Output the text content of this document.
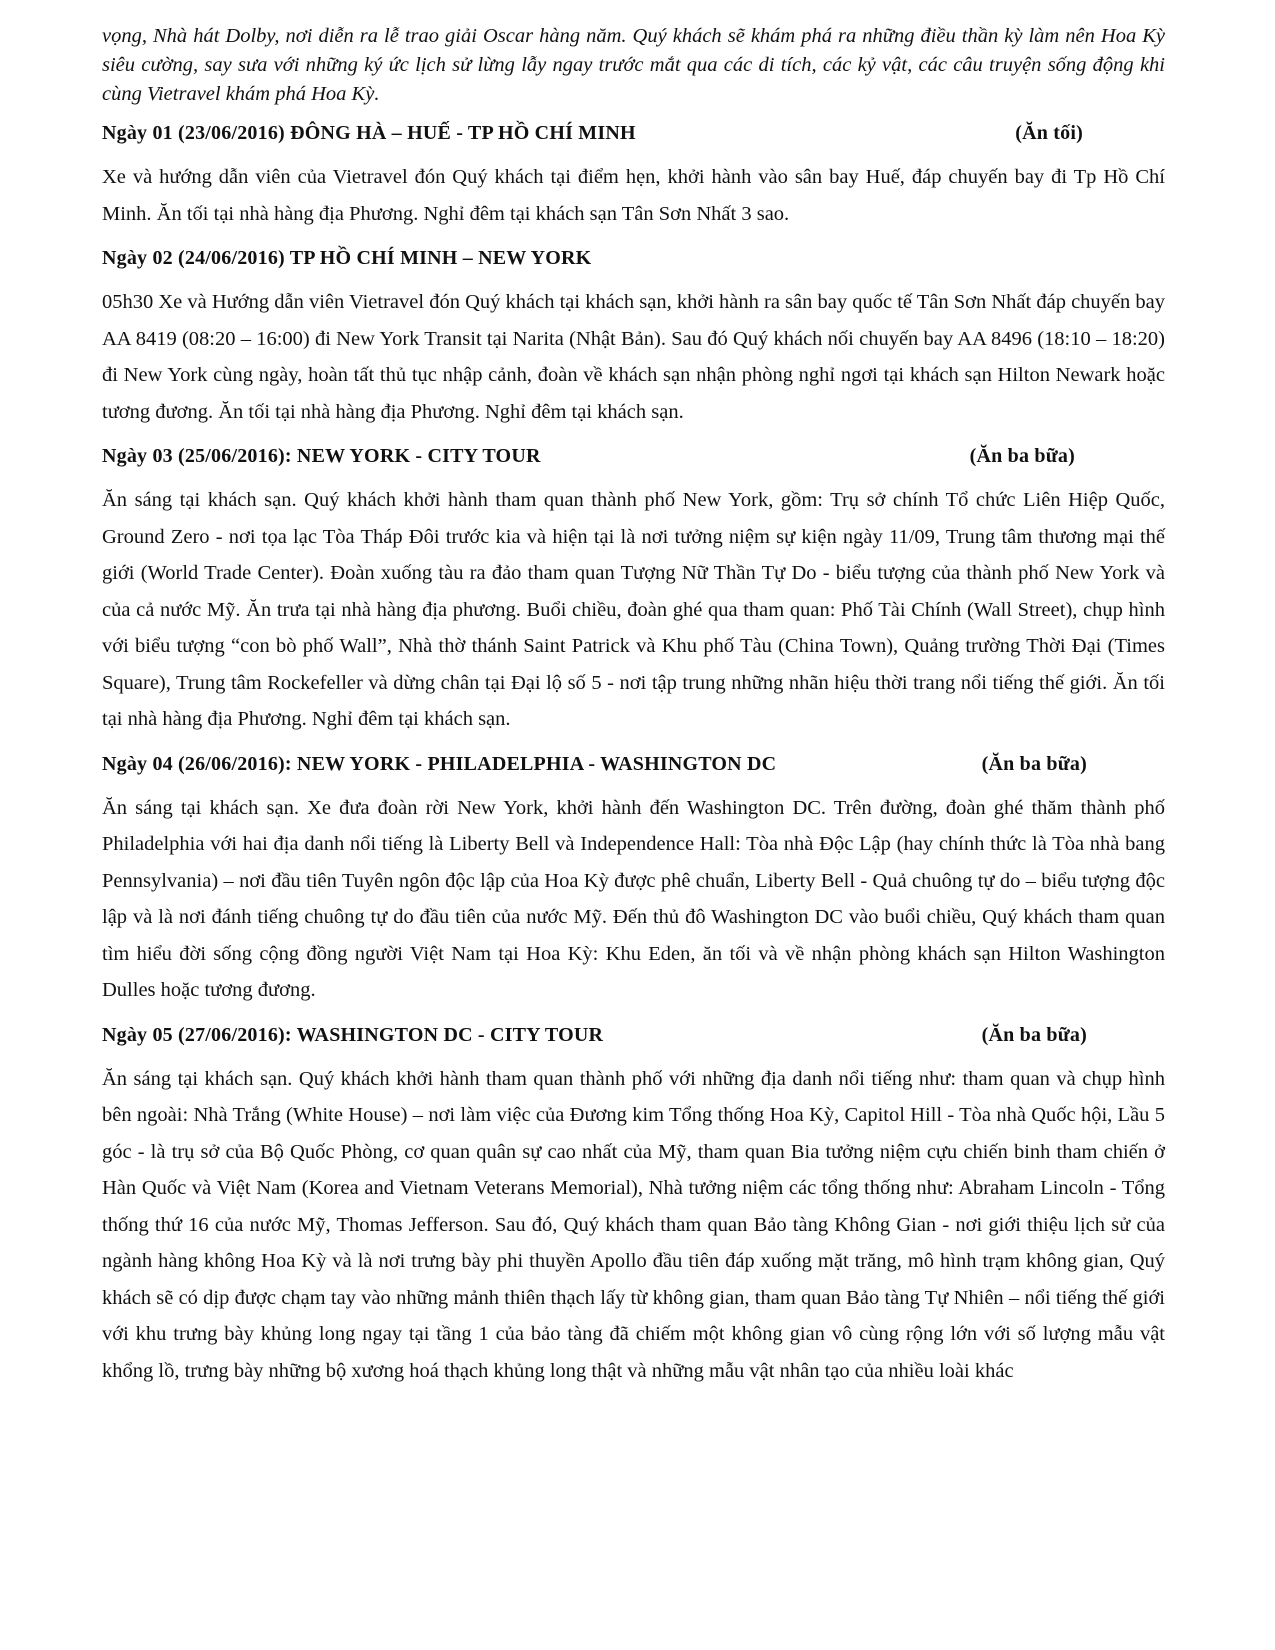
vọng, Nhà hát Dolby, nơi diễn ra lễ trao giải Oscar hàng năm. Quý khách sẽ khám phá ra những điều thần kỳ làm nên Hoa Kỳ siêu cường, say sưa với những ký ức lịch sử lừng lẫy ngay trước mắt qua các di tích, các kỷ vật, các câu truyện sống động khi cùng Vietravel khám phá Hoa Kỳ.

Ngày 01 (23/06/2016) ĐÔNG HÀ – HUẾ - TP HỒ CHÍ MINH	(Ăn tối)

Xe và hướng dẫn viên của Vietravel đón Quý khách tại điểm hẹn, khởi hành vào sân bay Huế, đáp chuyến bay đi Tp Hồ Chí Minh. Ăn tối tại nhà hàng địa Phương. Nghỉ đêm tại khách sạn Tân Sơn Nhất 3 sao.

Ngày 02 (24/06/2016) TP HỒ CHÍ MINH – NEW YORK

05h30 Xe và Hướng dẫn viên Vietravel đón Quý khách tại khách sạn, khởi hành ra sân bay quốc tế Tân Sơn Nhất đáp chuyến bay AA 8419 (08:20 – 16:00) đi New York Transit tại Narita (Nhật Bản). Sau đó Quý khách nối chuyến bay AA 8496 (18:10 – 18:20) đi New York cùng ngày, hoàn tất thủ tục nhập cảnh, đoàn về khách sạn nhận phòng nghỉ ngơi tại khách sạn Hilton Newark hoặc tương đương. Ăn tối tại nhà hàng địa Phương. Nghỉ đêm tại khách sạn.

Ngày 03 (25/06/2016): NEW YORK - CITY TOUR	(Ăn ba bữa)

Ăn sáng tại khách sạn. Quý khách khởi hành tham quan thành phố New York, gồm: Trụ sở chính Tổ chức Liên Hiệp Quốc, Ground Zero - nơi tọa lạc Tòa Tháp Đôi trước kia và hiện tại là nơi tưởng niệm sự kiện ngày 11/09, Trung tâm thương mại thế giới (World Trade Center). Đoàn xuống tàu ra đảo tham quan Tượng Nữ Thần Tự Do - biểu tượng của thành phố New York và của cả nước Mỹ. Ăn trưa tại nhà hàng địa phương. Buổi chiều, đoàn ghé qua tham quan: Phố Tài Chính (Wall Street), chụp hình với biểu tượng “con bò phố Wall”, Nhà thờ thánh Saint Patrick và Khu phố Tàu (China Town), Quảng trường Thời Đại (Times Square), Trung tâm Rockefeller và dừng chân tại Đại lộ số 5 - nơi tập trung những nhãn hiệu thời trang nổi tiếng thế giới. Ăn tối tại nhà hàng địa Phương. Nghỉ đêm tại khách sạn.

Ngày 04 (26/06/2016): NEW YORK - PHILADELPHIA - WASHINGTON DC	(Ăn ba bữa)

Ăn sáng tại khách sạn. Xe đưa đoàn rời New York, khởi hành đến Washington DC. Trên đường, đoàn ghé thăm thành phố Philadelphia với hai địa danh nổi tiếng là Liberty Bell và Independence Hall: Tòa nhà Độc Lập (hay chính thức là Tòa nhà bang Pennsylvania) – nơi đầu tiên Tuyên ngôn độc lập của Hoa Kỳ được phê chuẩn, Liberty Bell - Quả chuông tự do – biểu tượng độc lập và là nơi đánh tiếng chuông tự do đầu tiên của nước Mỹ. Đến thủ đô Washington DC vào buổi chiều, Quý khách tham quan tìm hiểu đời sống cộng đồng người Việt Nam tại Hoa Kỳ: Khu Eden, ăn tối và về nhận phòng khách sạn Hilton Washington Dulles hoặc tương đương.

Ngày 05 (27/06/2016): WASHINGTON DC - CITY TOUR	(Ăn ba bữa)

Ăn sáng tại khách sạn. Quý khách khởi hành tham quan thành phố với những địa danh nổi tiếng như: tham quan và chụp hình bên ngoài: Nhà Trắng (White House) – nơi làm việc của Đương kim Tổng thống Hoa Kỳ, Capitol Hill - Tòa nhà Quốc hội, Lầu 5 góc - là trụ sở của Bộ Quốc Phòng, cơ quan quân sự cao nhất của Mỹ, tham quan Bia tưởng niệm cựu chiến binh tham chiến ở Hàn Quốc và Việt Nam (Korea and Vietnam Veterans Memorial), Nhà tưởng niệm các tổng thống như: Abraham Lincoln - Tổng thống thứ 16 của nước Mỹ, Thomas Jefferson. Sau đó, Quý khách tham quan Bảo tàng Không Gian - nơi giới thiệu lịch sử của ngành hàng không Hoa Kỳ và là nơi trưng bày phi thuyền Apollo đầu tiên đáp xuống mặt trăng, mô hình trạm không gian, Quý khách sẽ có dịp được chạm tay vào những mảnh thiên thạch lấy từ không gian, tham quan Bảo tàng Tự Nhiên – nổi tiếng thế giới với khu trưng bày khủng long ngay tại tầng 1 của bảo tàng đã chiếm một không gian vô cùng rộng lớn với số lượng mẫu vật khổng lồ, trưng bày những bộ xương hoá thạch khủng long thật và những mẫu vật nhân tạo của nhiều loài khác
